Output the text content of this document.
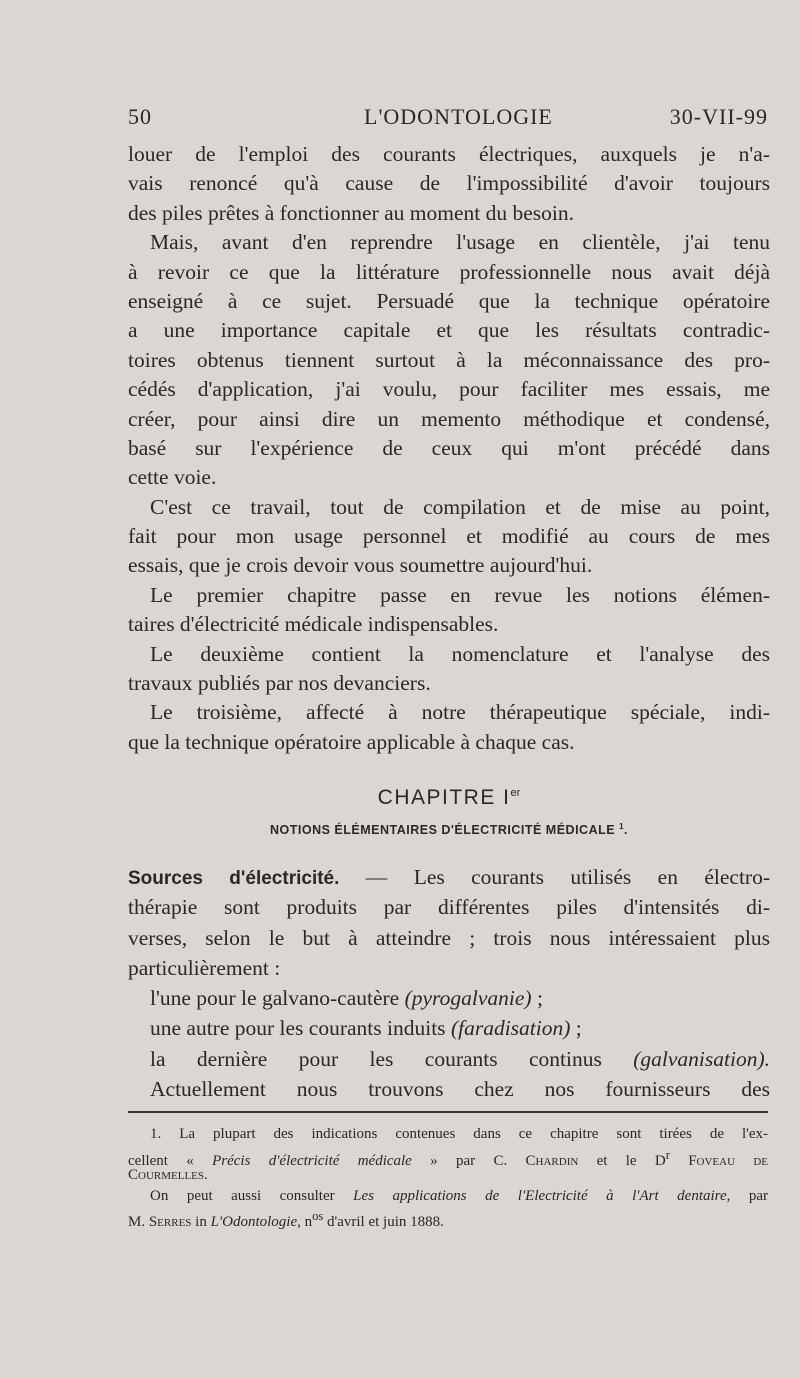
50	L'ODONTOLOGIE	30-VII-99
louer de l'emploi des courants électriques, auxquels je n'a-
vais renoncé qu'à cause de l'impossibilité d'avoir toujours
des piles prêtes à fonctionner au moment du besoin.
Mais, avant d'en reprendre l'usage en clientèle, j'ai tenu
à revoir ce que la littérature professionnelle nous avait déjà
enseigné à ce sujet. Persuadé que la technique opératoire
a une importance capitale et que les résultats contradic-
toires obtenus tiennent surtout à la méconnaissance des pro-
cédés d'application, j'ai voulu, pour faciliter mes essais, me
créer, pour ainsi dire un memento méthodique et condensé,
basé sur l'expérience de ceux qui m'ont précédé dans
cette voie.
C'est ce travail, tout de compilation et de mise au point,
fait pour mon usage personnel et modifié au cours de mes
essais, que je crois devoir vous soumettre aujourd'hui.
Le premier chapitre passe en revue les notions élémen-
taires d'électricité médicale indispensables.
Le deuxième contient la nomenclature et l'analyse des
travaux publiés par nos devanciers.
Le troisième, affecté à notre thérapeutique spéciale, indi-
que la technique opératoire applicable à chaque cas.
CHAPITRE Ier
NOTIONS ÉLÉMENTAIRES D'ÉLECTRICITÉ MÉDICALE $^1$.
Sources d'électricité. — Les courants utilisés en électro-
thérapie sont produits par différentes piles d'intensités di-
verses, selon le but à atteindre ; trois nous intéressaient plus
particulièrement :
l'une pour le galvano-cautère (pyrogalvanie) ;
une autre pour les courants induits (faradisation) ;
la dernière pour les courants continus (galvanisation).
Actuellement nous trouvons chez nos fournisseurs des
1. La plupart des indications contenues dans ce chapitre sont tirées de l'ex-
cellent « Précis d'électricité médicale » par C. Chardin et le $D^r$ Foveau de
Courmelles.
On peut aussi consulter Les applications de l'Electricité à l'Art dentaire, par
M. Serres in L'Odontologie, $n^{os}$ d'avril et juin 1888.
